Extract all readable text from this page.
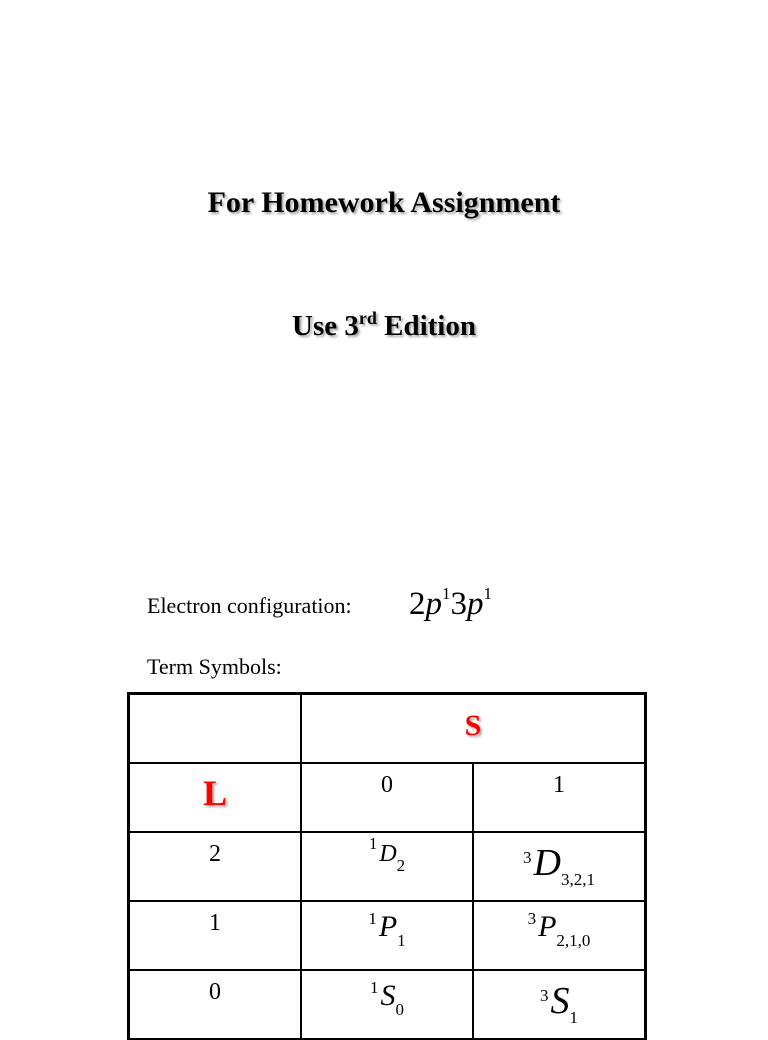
For Homework Assignment
Use 3rd Edition
Electron configuration: $2p^13p^1$
Term Symbols:
	S	
L	0	1
2	$^1D_2$	$^3D_{3,2,1}$
1	$^1P_1$	$^3P_{2,1,0}$
0	$^1S_0$	$^3S_1$
